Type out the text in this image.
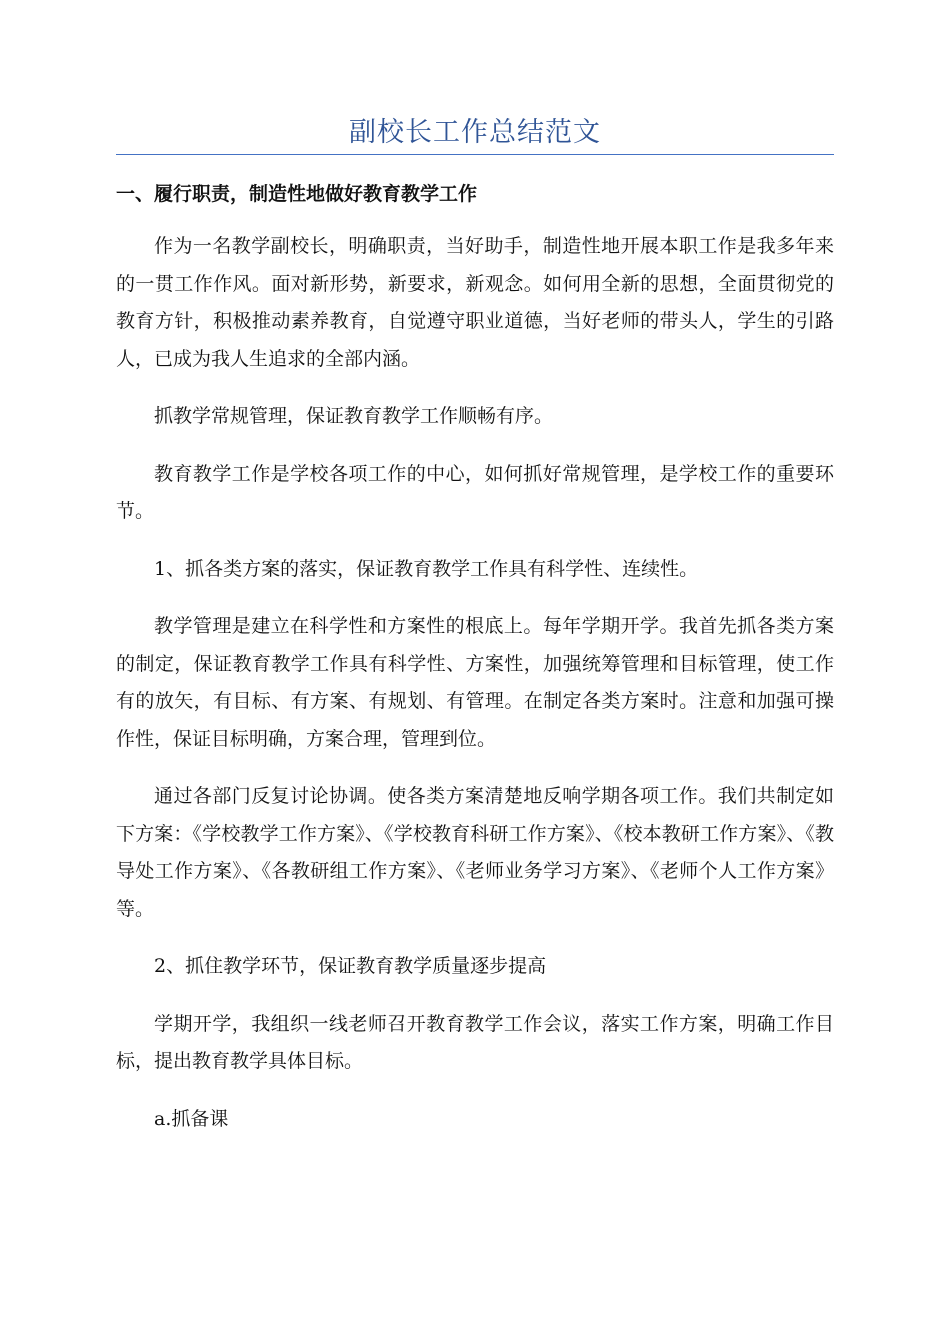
副校长工作总结范文
一、履行职责，制造性地做好教育教学工作

作为一名教学副校长，明确职责，当好助手，制造性地开展本职工作是我多年来的一贯工作作风。面对新形势，新要求，新观念。如何用全新的思想，全面贯彻党的教育方针，积极推动素养教育，自觉遵守职业道德，当好老师的带头人，学生的引路人，已成为我人生追求的全部内涵。

抓教学常规管理，保证教育教学工作顺畅有序。

教育教学工作是学校各项工作的中心，如何抓好常规管理，是学校工作的重要环节。

1、抓各类方案的落实，保证教育教学工作具有科学性、连续性。

教学管理是建立在科学性和方案性的根底上。每年学期开学。我首先抓各类方案的制定，保证教育教学工作具有科学性、方案性，加强统筹管理和目标管理，使工作有的放矢，有目标、有方案、有规划、有管理。在制定各类方案时。注意和加强可操作性，保证目标明确，方案合理，管理到位。

通过各部门反复讨论协调。使各类方案清楚地反响学期各项工作。我们共制定如下方案：《学校教学工作方案》、《学校教育科研工作方案》、《校本教研工作方案》、《教导处工作方案》、《各教研组工作方案》、《老师业务学习方案》、《老师个人工作方案》等。

2、抓住教学环节，保证教育教学质量逐步提高

学期开学，我组织一线老师召开教育教学工作会议，落实工作方案，明确工作目标，提出教育教学具体目标。

a.抓备课
